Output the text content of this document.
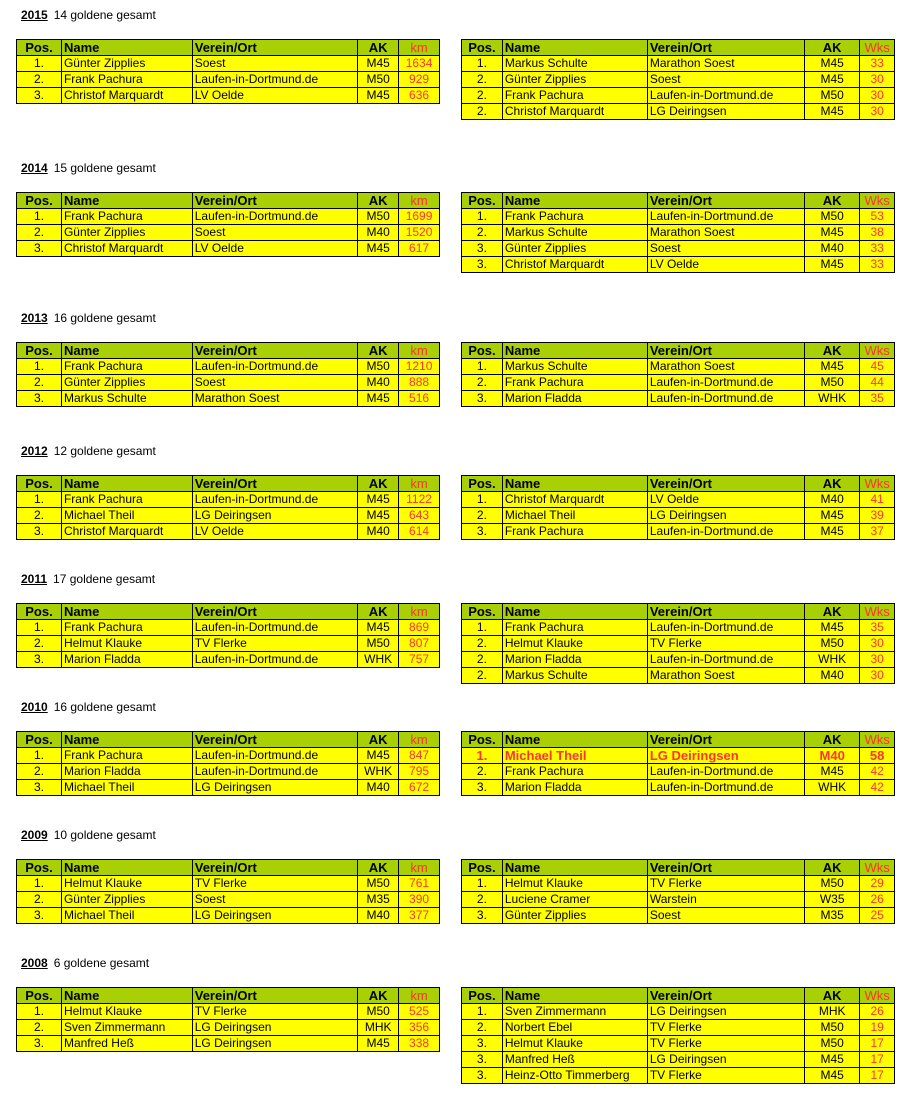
2015 14 goldene gesamt
Pos.	Name	Verein/Ort	AK	km
1.	Günter Zipplies	Soest	M45	1634
2.	Frank Pachura	Laufen-in-Dortmund.de	M50	929
3.	Christof Marquardt	LV Oelde	M45	636
Pos.	Name	Verein/Ort	AK	Wks
1.	Markus Schulte	Marathon Soest	M45	33
2.	Günter Zipplies	Soest	M45	30
2.	Frank Pachura	Laufen-in-Dortmund.de	M50	30
2.	Christof Marquardt	LG Deiringsen	M45	30
2014 15 goldene gesamt
Pos.	Name	Verein/Ort	AK	km
1.	Frank Pachura	Laufen-in-Dortmund.de	M50	1699
2.	Günter Zipplies	Soest	M40	1520
3.	Christof Marquardt	LV Oelde	M45	617
Pos.	Name	Verein/Ort	AK	Wks
1.	Frank Pachura	Laufen-in-Dortmund.de	M50	53
2.	Markus Schulte	Marathon Soest	M45	38
3.	Günter Zipplies	Soest	M40	33
3.	Christof Marquardt	LV Oelde	M45	33
2013 16 goldene gesamt
Pos.	Name	Verein/Ort	AK	km
1.	Frank Pachura	Laufen-in-Dortmund.de	M50	1210
2.	Günter Zipplies	Soest	M40	888
3.	Markus Schulte	Marathon Soest	M45	516
Pos.	Name	Verein/Ort	AK	Wks
1.	Markus Schulte	Marathon Soest	M45	45
2.	Frank Pachura	Laufen-in-Dortmund.de	M50	44
3.	Marion Fladda	Laufen-in-Dortmund.de	WHK	35
2012 12 goldene gesamt
Pos.	Name	Verein/Ort	AK	km
1.	Frank Pachura	Laufen-in-Dortmund.de	M45	1122
2.	Michael Theil	LG Deiringsen	M45	643
3.	Christof Marquardt	LV Oelde	M40	614
Pos.	Name	Verein/Ort	AK	Wks
1.	Christof Marquardt	LV Oelde	M40	41
2.	Michael Theil	LG Deiringsen	M45	39
3.	Frank Pachura	Laufen-in-Dortmund.de	M45	37
2011 17 goldene gesamt
Pos.	Name	Verein/Ort	AK	km
1.	Frank Pachura	Laufen-in-Dortmund.de	M45	869
2.	Helmut Klauke	TV Flerke	M50	807
3.	Marion Fladda	Laufen-in-Dortmund.de	WHK	757
Pos.	Name	Verein/Ort	AK	Wks
1.	Frank Pachura	Laufen-in-Dortmund.de	M45	35
2.	Helmut Klauke	TV Flerke	M50	30
2.	Marion Fladda	Laufen-in-Dortmund.de	WHK	30
2.	Markus Schulte	Marathon Soest	M40	30
2010 16 goldene gesamt
Pos.	Name	Verein/Ort	AK	km
1.	Frank Pachura	Laufen-in-Dortmund.de	M45	847
2.	Marion Fladda	Laufen-in-Dortmund.de	WHK	795
3.	Michael Theil	LG Deiringsen	M40	672
Pos.	Name	Verein/Ort	AK	Wks
1.	Michael Theil	LG Deiringsen	M40	58
2.	Frank Pachura	Laufen-in-Dortmund.de	M45	42
3.	Marion Fladda	Laufen-in-Dortmund.de	WHK	42
2009 10 goldene gesamt
Pos.	Name	Verein/Ort	AK	km
1.	Helmut Klauke	TV Flerke	M50	761
2.	Günter Zipplies	Soest	M35	390
3.	Michael Theil	LG Deiringsen	M40	377
Pos.	Name	Verein/Ort	AK	Wks
1.	Helmut Klauke	TV Flerke	M50	29
2.	Luciene Cramer	Warstein	W35	26
3.	Günter Zipplies	Soest	M35	25
2008 6 goldene gesamt
Pos.	Name	Verein/Ort	AK	km
1.	Helmut Klauke	TV Flerke	M50	525
2.	Sven Zimmermann	LG Deiringsen	MHK	356
3.	Manfred Heß	LG Deiringsen	M45	338
Pos.	Name	Verein/Ort	AK	Wks
1.	Sven Zimmermann	LG Deiringsen	MHK	26
2.	Norbert Ebel	TV Flerke	M50	19
3.	Helmut Klauke	TV Flerke	M50	17
3.	Manfred Heß	LG Deiringsen	M45	17
3.	Heinz-Otto Timmerberg	TV Flerke	M45	17
